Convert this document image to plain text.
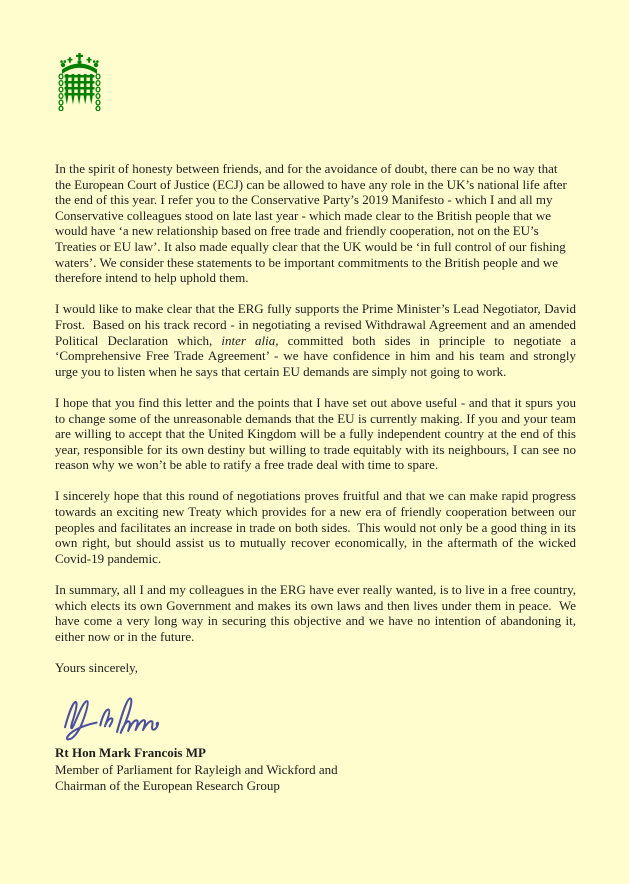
In the spirit of honesty between friends, and for the avoidance of doubt, there can be no way that the European Court of Justice (ECJ) can be allowed to have any role in the UK’s national life after the end of this year. I refer you to the Conservative Party’s 2019 Manifesto - which I and all my Conservative colleagues stood on late last year - which made clear to the British people that we would have ‘a new relationship based on free trade and friendly cooperation, not on the EU’s Treaties or EU law’. It also made equally clear that the UK would be ‘in full control of our fishing waters’. We consider these statements to be important commitments to the British people and we therefore intend to help uphold them.

I would like to make clear that the ERG fully supports the Prime Minister’s Lead Negotiator, David Frost.  Based on his track record - in negotiating a revised Withdrawal Agreement and an amended Political Declaration which, inter alia, committed both sides in principle to negotiate a ‘Comprehensive Free Trade Agreement’ - we have confidence in him and his team and strongly urge you to listen when he says that certain EU demands are simply not going to work.

I hope that you find this letter and the points that I have set out above useful - and that it spurs you to change some of the unreasonable demands that the EU is currently making. If you and your team are willing to accept that the United Kingdom will be a fully independent country at the end of this year, responsible for its own destiny but willing to trade equitably with its neighbours, I can see no reason why we won’t be able to ratify a free trade deal with time to spare.

I sincerely hope that this round of negotiations proves fruitful and that we can make rapid progress towards an exciting new Treaty which provides for a new era of friendly cooperation between our peoples and facilitates an increase in trade on both sides.  This would not only be a good thing in its own right, but should assist us to mutually recover economically, in the aftermath of the wicked Covid-19 pandemic.

In summary, all I and my colleagues in the ERG have ever really wanted, is to live in a free country, which elects its own Government and makes its own laws and then lives under them in peace.  We have come a very long way in securing this objective and we have no intention of abandoning it, either now or in the future.

Yours sincerely,

Rt Hon Mark Francois MP
Member of Parliament for Rayleigh and Wickford and
Chairman of the European Research Group
